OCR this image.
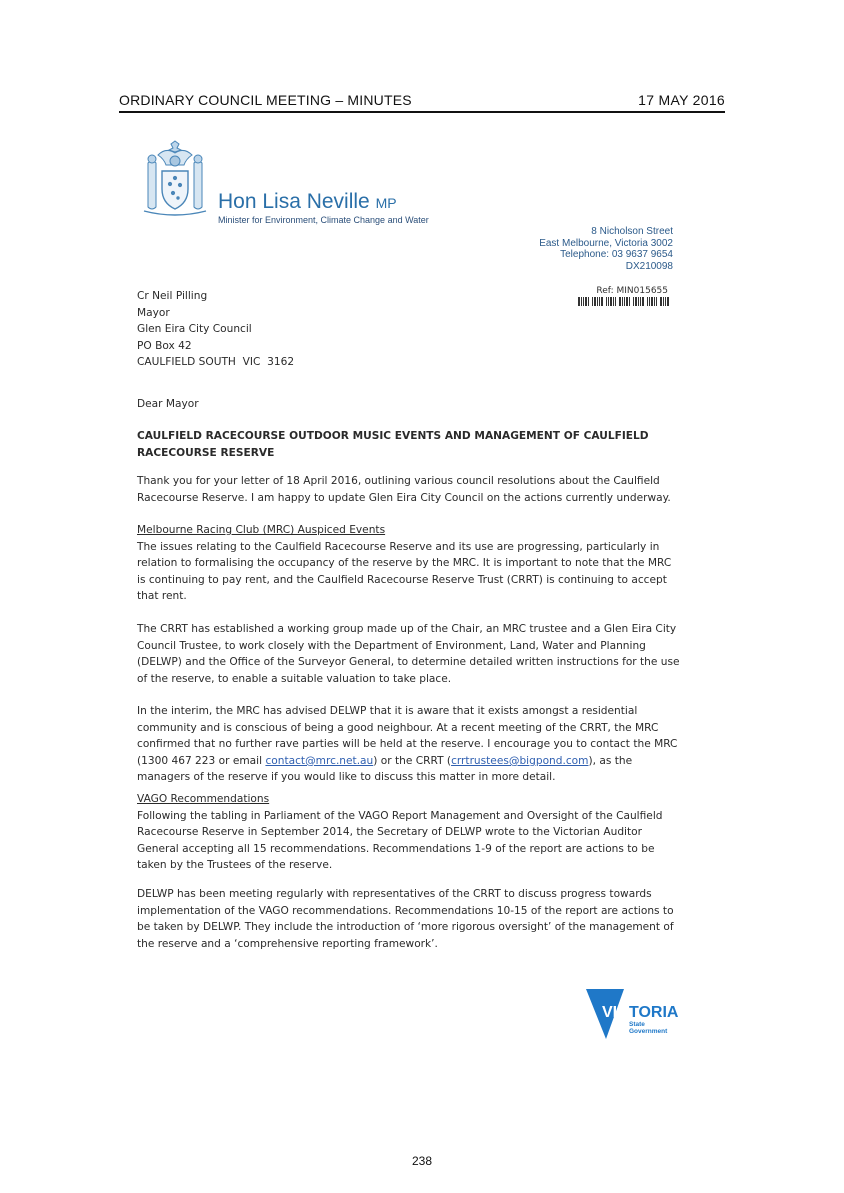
ORDINARY COUNCIL MEETING – MINUTES	17 MAY 2016
Hon Lisa Neville MP
Minister for Environment, Climate Change and Water
8 Nicholson Street
East Melbourne, Victoria 3002
Telephone: 03 9637 9654
DX210098
Ref: MIN015655

Cr Neil Pilling

Mayor

Glen Eira City Council

PO Box 42

CAULFIELD SOUTH  VIC  3162

Dear Mayor
CAULFIELD RACECOURSE OUTDOOR MUSIC EVENTS AND MANAGEMENT OF CAULFIELD RACECOURSE RESERVE
Thank you for your letter of 18 April 2016, outlining various council resolutions about the Caulfield Racecourse Reserve. I am happy to update Glen Eira City Council on the actions currently underway.

Melbourne Racing Club (MRC) Auspiced Events

The issues relating to the Caulfield Racecourse Reserve and its use are progressing, particularly in relation to formalising the occupancy of the reserve by the MRC. It is important to note that the MRC is continuing to pay rent, and the Caulfield Racecourse Reserve Trust (CRRT) is continuing to accept that rent.

The CRRT has established a working group made up of the Chair, an MRC trustee and a Glen Eira City Council Trustee, to work closely with the Department of Environment, Land, Water and Planning (DELWP) and the Office of the Surveyor General, to determine detailed written instructions for the use of the reserve, to enable a suitable valuation to take place.
In the interim, the MRC has advised DELWP that it is aware that it exists amongst a residential community and is conscious of being a good neighbour. At a recent meeting of the CRRT, the MRC confirmed that no further rave parties will be held at the reserve. I encourage you to contact the MRC (1300 467 223 or email contact@mrc.net.au) or the CRRT (crrtrustees@bigpond.com), as the managers of the reserve if you would like to discuss this matter in more detail.

VAGO Recommendations

Following the tabling in Parliament of the VAGO Report Management and Oversight of the Caulfield Racecourse Reserve in September 2014, the Secretary of DELWP wrote to the Victorian Auditor General accepting all 15 recommendations. Recommendations 1-9 of the report are actions to be taken by the Trustees of the reserve.

DELWP has been meeting regularly with representatives of the CRRT to discuss progress towards implementation of the VAGO recommendations. Recommendations 10-15 of the report are actions to be taken by DELWP. They include the introduction of ‘more rigorous oversight’ of the management of the reserve and a ‘comprehensive reporting framework’.
VIC TORIA
State
Government
238
